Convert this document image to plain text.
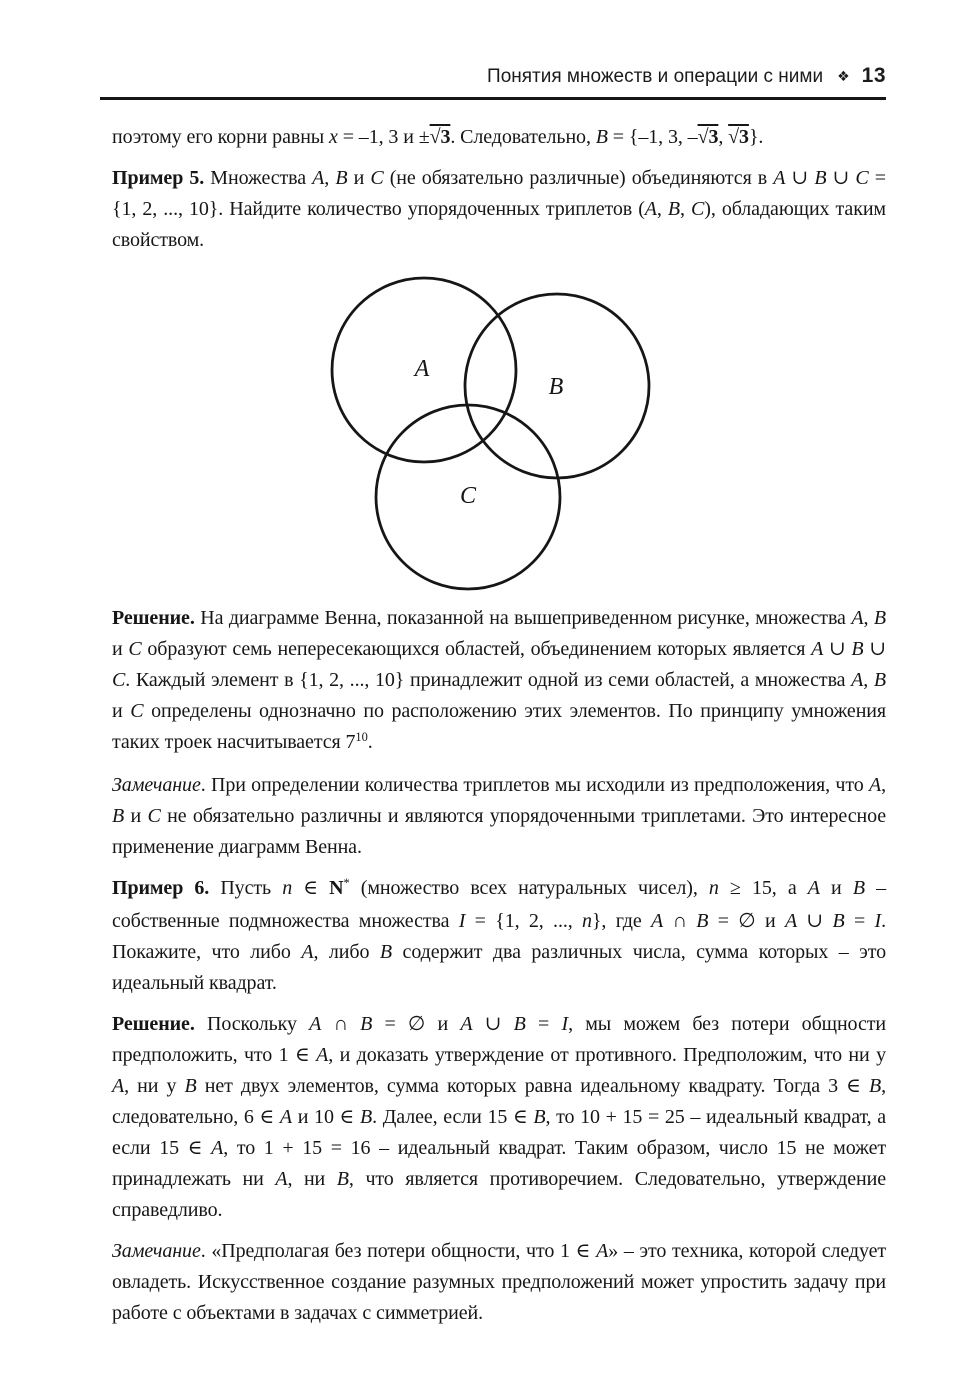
Понятия множеств и операции с ними ❖ 13

поэтому его корни равны x = –1, 3 и ±√3. Следовательно, B = {–1, 3, –√3, √3}.

Пример 5. Множества A, B и C (не обязательно различные) объединяются в A ∪ B ∪ C = {1, 2, ..., 10}. Найдите количество упорядоченных триплетов (A, B, C), обладающих таким свойством.

A
B
C

Решение. На диаграмме Венна, показанной на вышеприведенном рисунке, множества A, B и C образуют семь непересекающихся областей, объединением которых является A ∪ B ∪ C. Каждый элемент в {1, 2, ..., 10} принадлежит одной из семи областей, а множества A, B и C определены однозначно по расположению этих элементов. По принципу умножения таких троек насчитывается $7^{10}$.

Замечание. При определении количества триплетов мы исходили из предположения, что A, B и C не обязательно различны и являются упорядоченными триплетами. Это интересное применение диаграмм Венна.

Пример 6. Пусть n ∈ N* (множество всех натуральных чисел), n ≥ 15, а A и B – собственные подмножества множества I = {1, 2, ..., n}, где A ∩ B = ∅ и A ∪ B = I. Покажите, что либо A, либо B содержит два различных числа, сумма которых – это идеальный квадрат.

Решение. Поскольку A ∩ B = ∅ и A ∪ B = I, мы можем без потери общности предположить, что 1 ∈ A, и доказать утверждение от противного. Предположим, что ни у A, ни у B нет двух элементов, сумма которых равна идеальному квадрату. Тогда 3 ∈ B, следовательно, 6 ∈ A и 10 ∈ B. Далее, если 15 ∈ B, то 10 + 15 = 25 – идеальный квадрат, а если 15 ∈ A, то 1 + 15 = 16 – идеальный квадрат. Таким образом, число 15 не может принадлежать ни A, ни B, что является противоречием. Следовательно, утверждение справедливо.

Замечание. «Предполагая без потери общности, что 1 ∈ A» – это техника, которой следует овладеть. Искусственное создание разумных предположений может упростить задачу при работе с объектами в задачах с симметрией.
